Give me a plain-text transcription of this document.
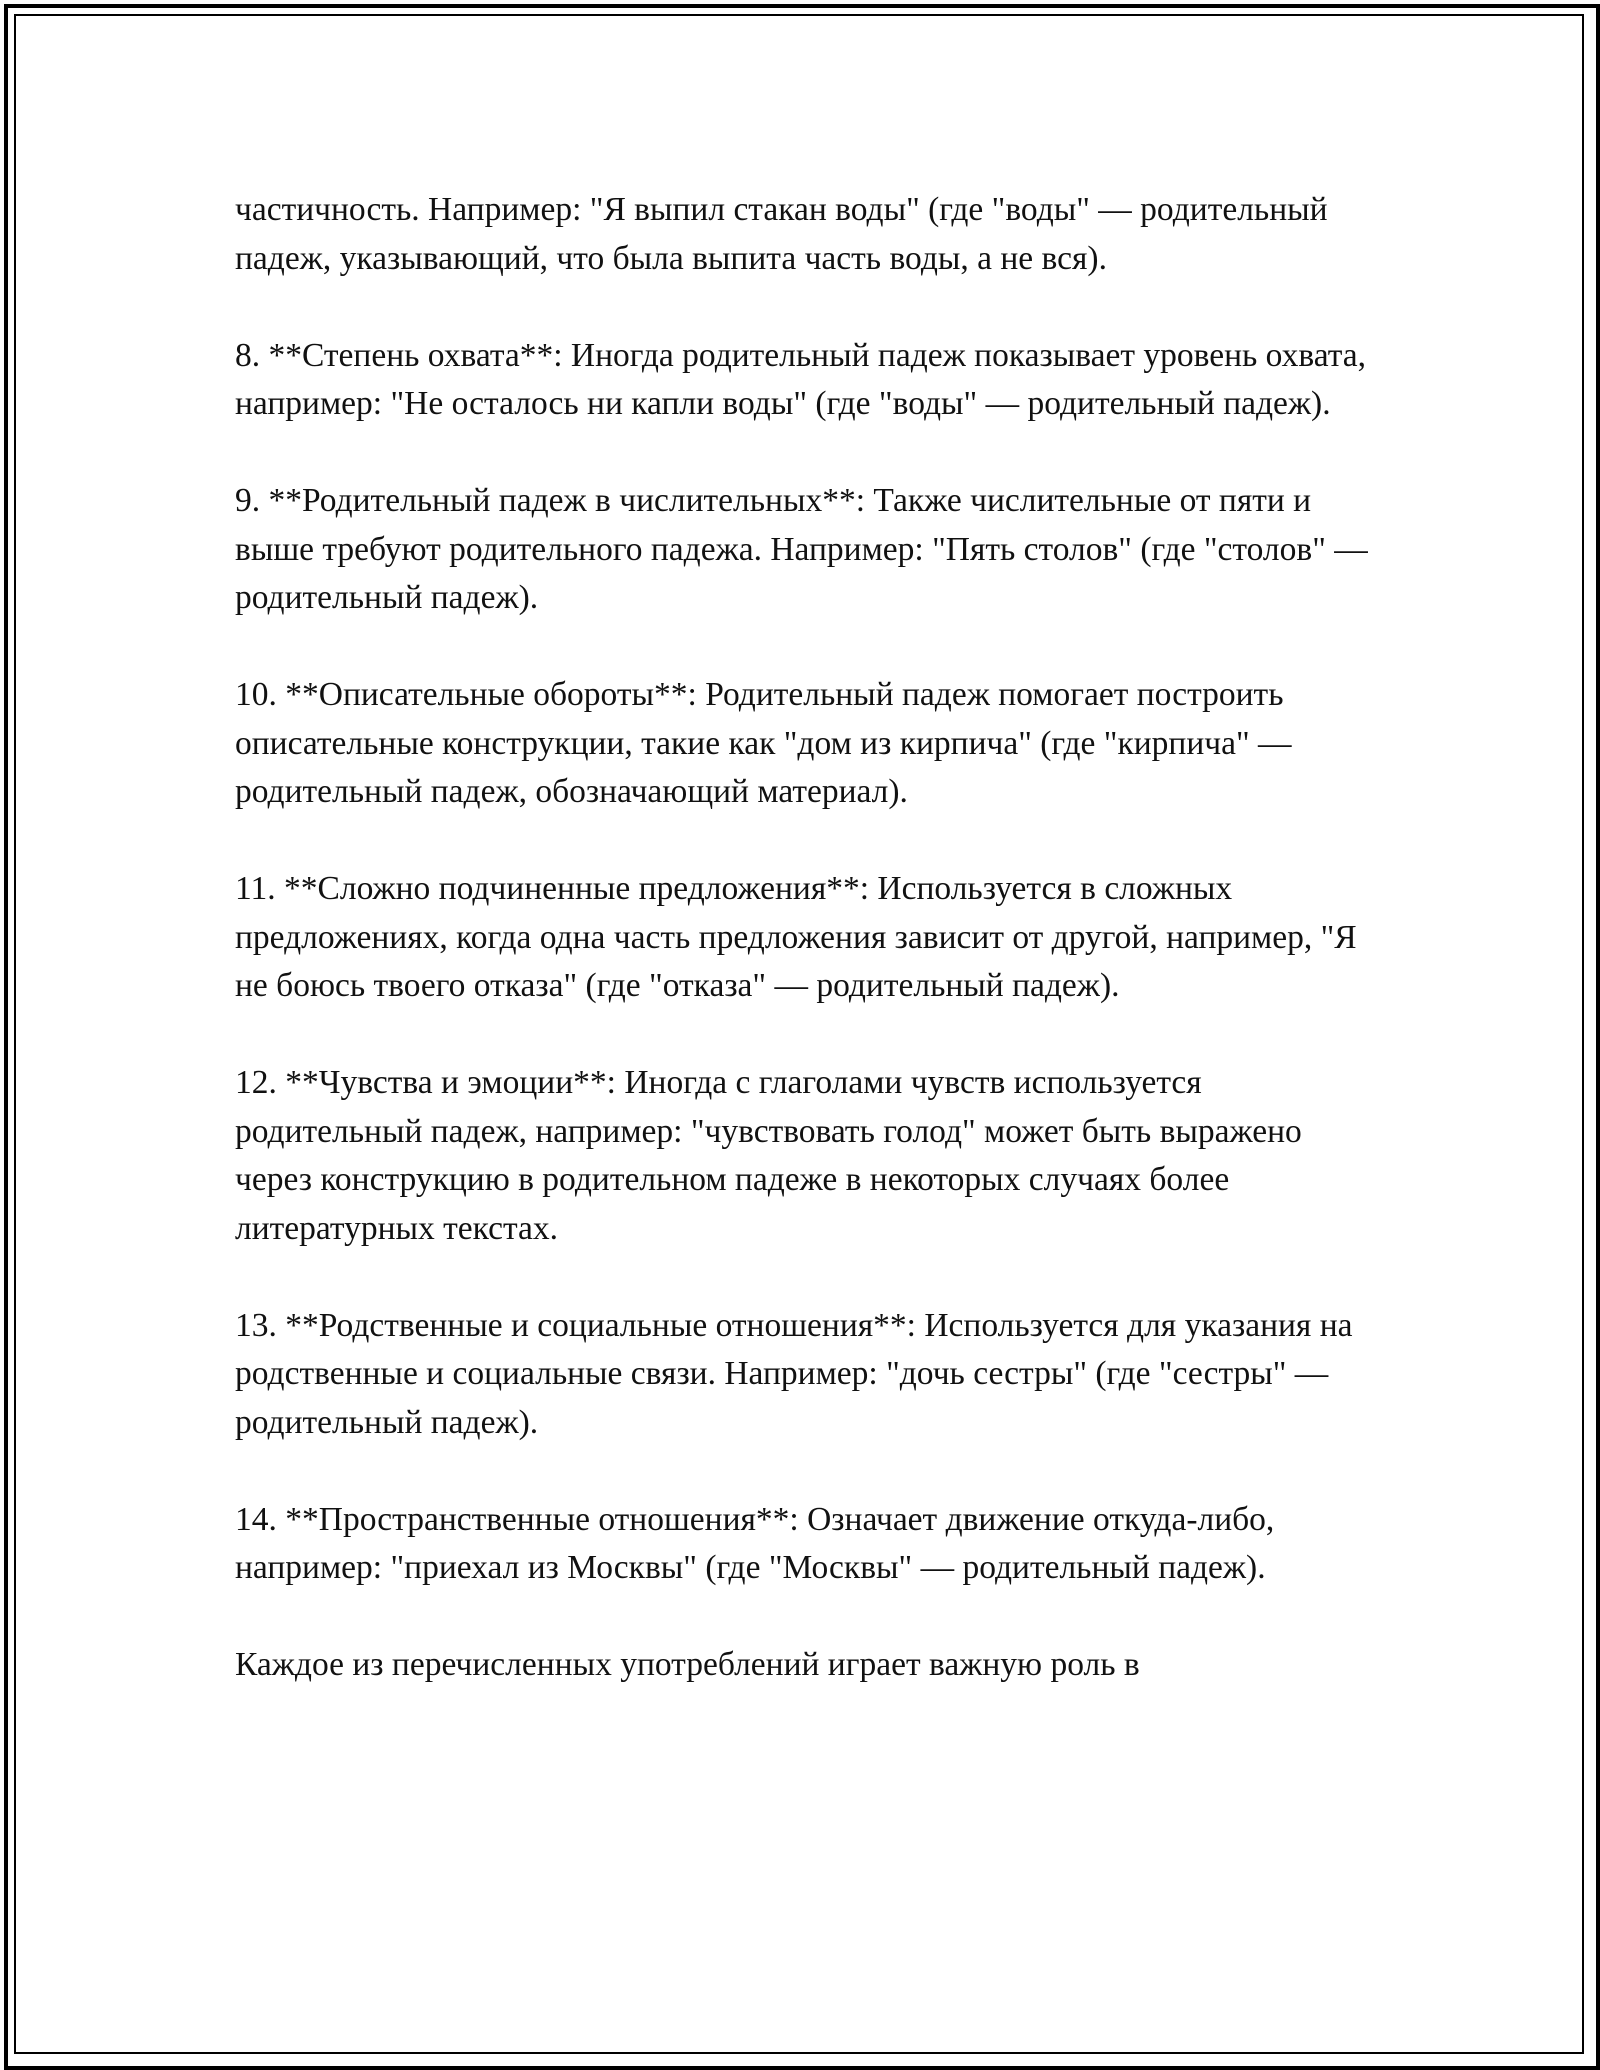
частичность. Например: "Я выпил стакан воды" (где "воды" — родительный падеж, указывающий, что была выпита часть воды, а не вся).

8. **Степень охвата**: Иногда родительный падеж показывает уровень охвата, например: "Не осталось ни капли воды" (где "воды" — родительный падеж).

9. **Родительный падеж в числительных**: Также числительные от пяти и выше требуют родительного падежа. Например: "Пять столов" (где "столов" — родительный падеж).

10. **Описательные обороты**: Родительный падеж помогает построить описательные конструкции, такие как "дом из кирпича" (где "кирпича" — родительный падеж, обозначающий материал).

11. **Сложно подчиненные предложения**: Используется в сложных предложениях, когда одна часть предложения зависит от другой, например, "Я не боюсь твоего отказа" (где "отказа" — родительный падеж).

12. **Чувства и эмоции**: Иногда с глаголами чувств используется родительный падеж, например: "чувствовать голод" может быть выражено через конструкцию в родительном падеже в некоторых случаях более литературных текстах.

13. **Родственные и социальные отношения**: Используется для указания на родственные и социальные связи. Например: "дочь сестры" (где "сестры" — родительный падеж).

14. **Пространственные отношения**: Означает движение откуда-либо, например: "приехал из Москвы" (где "Москвы" — родительный падеж).

Каждое из перечисленных употреблений играет важную роль в
